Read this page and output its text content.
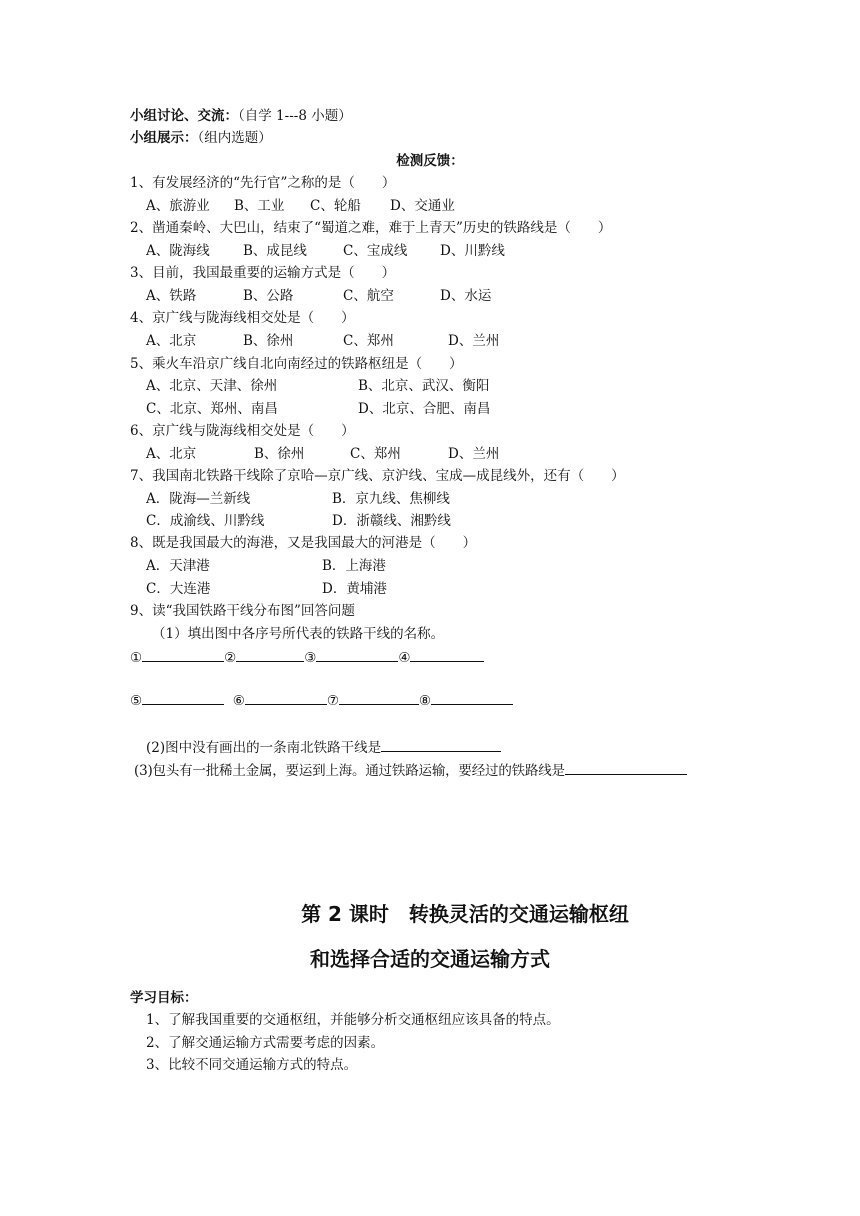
小组讨论、交流：（自学 1---8 小题）
小组展示：（组内选题）
检测反馈：
1、有发展经济的“先行官”之称的是（　　）
A、旅游业 B、工业 C、轮船 D、交通业
2、凿通秦岭、大巴山，结束了“蜀道之难，难于上青天”历史的铁路线是（　　）
A、陇海线 B、成昆线	C、宝成线 D、川黔线
3、目前，我国最重要的运输方式是（　　）
A、铁路	B、公路	C、航空	D、水运
4、京广线与陇海线相交处是（　　）
A、北京	B、徐州	C、郑州	D、兰州
5、乘火车沿京广线自北向南经过的铁路枢纽是（　　）
A、北京、天津、徐州	B、北京、武汉、衡阳
C、北京、郑州、南昌	D、北京、合肥、南昌
6、京广线与陇海线相交处是（　　）
A、北京	B、徐州	C、郑州	D、兰州
7、我国南北铁路干线除了京哈—京广线、京沪线、宝成—成昆线外，还有（　　）
A．陇海—兰新线	B．京九线、焦柳线
C．成渝线、川黔线	D．浙赣线、湘黔线
8、既是我国最大的海港，又是我国最大的河港是（　　）
A．天津港	B．上海港
C．大连港	D．黄埔港
9、读“我国铁路干线分布图”回答问题
（1）填出图中各序号所代表的铁路干线的名称。
①	②	③	④
⑤	⑥	⑦	⑧
(2)图中没有画出的一条南北铁路干线是
(3)包头有一批稀土金属，要运到上海。通过铁路运输，要经过的铁路线是
第 2 课时　转换灵活的交通运输枢纽
和选择合适的交通运输方式
学习目标：
1、了解我国重要的交通枢纽，并能够分析交通枢纽应该具备的特点。
2、了解交通运输方式需要考虑的因素。
3、比较不同交通运输方式的特点。
